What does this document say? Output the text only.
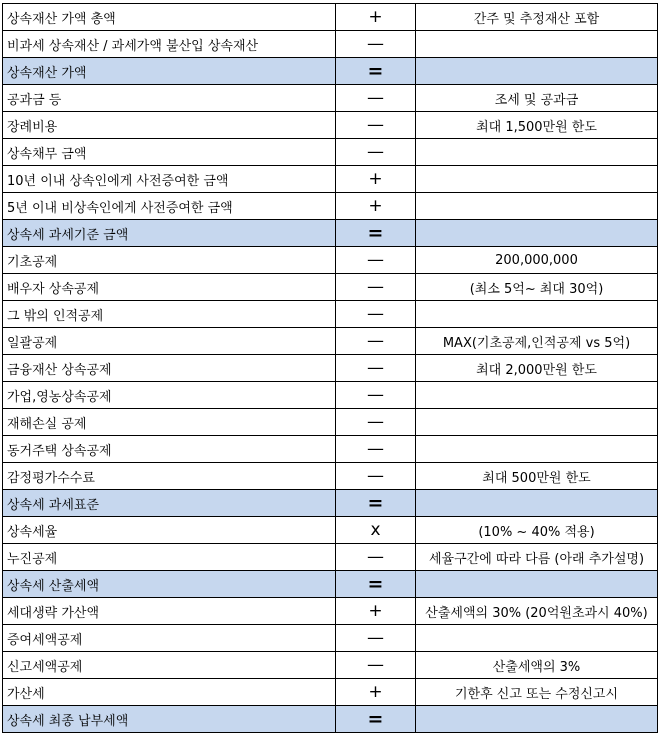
상속재산 가액 총액	+	간주 및 추정재산 포함
비과세 상속재산 / 과세가액 불산입 상속재산	—	
상속재산 가액	=	
공과금 등	—	조세 및 공과금
장례비용	—	최대 1,500만원 한도
상속채무 금액	—	
10년 이내 상속인에게 사전증여한 금액	+	
5년 이내 비상속인에게 사전증여한 금액	+	
상속세 과세기준 금액	=	
기초공제	—	200,000,000
배우자 상속공제	—	(최소 5억~ 최대 30억)
그 밖의 인적공제	—	
일괄공제	—	MAX(기초공제,인적공제 vs 5억)
금융재산 상속공제	—	최대 2,000만원 한도
가업,영농상속공제	—	
재해손실 공제	—	
동거주택 상속공제	—	
감정평가수수료	—	최대 500만원 한도
상속세 과세표준	=	
상속세율	x	(10% ~ 40% 적용)
누진공제	—	세율구간에 따라 다름 (아래 추가설명)
상속세 산출세액	=	
세대생략 가산액	+	산출세액의 30% (20억원초과시 40%)
증여세액공제	—	
신고세액공제	—	산출세액의 3%
가산세	+	기한후 신고 또는 수정신고시
상속세 최종 납부세액	=	
